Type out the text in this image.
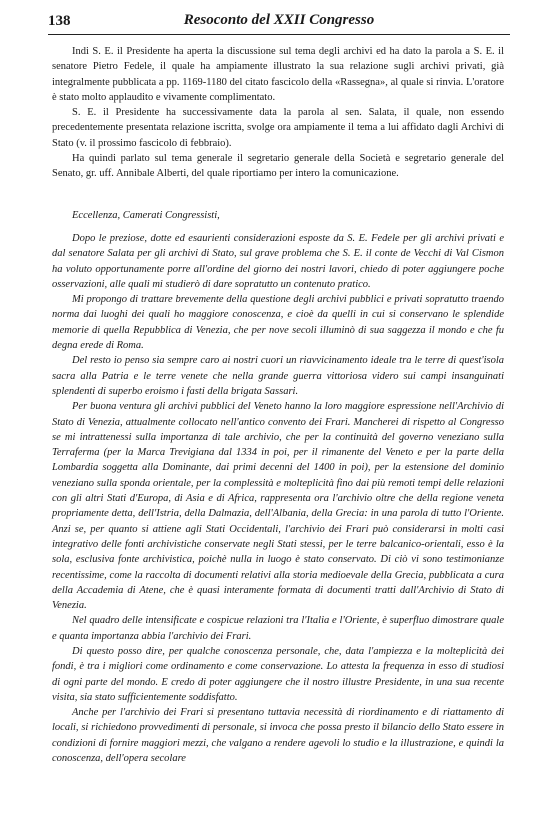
138	Resoconto del XXII Congresso

Indi S. E. il Presidente ha aperta la discussione sul tema degli archivi ed ha dato la parola a S. E. il senatore Pietro Fedele, il quale ha ampiamente illustrato la sua relazione sugli archivi privati, già integralmente pubblicata a pp. 1169-1180 del citato fascicolo della «Rassegna», al quale si rinvia. L'oratore è stato molto applaudito e vivamente complimentato.

S. E. il Presidente ha successivamente data la parola al sen. Salata, il quale, non essendo precedentemente presentata relazione iscritta, svolge ora ampiamente il tema a lui affidato dagli Archivi di Stato (v. il prossimo fascicolo di febbraio).

Ha quindi parlato sul tema generale il segretario generale della Società e segretario generale del Senato, gr. uff. Annibale Alberti, del quale riportiamo per intero la comunicazione.

Eccellenza, Camerati Congressisti,

Dopo le preziose, dotte ed esaurienti considerazioni esposte da S. E. Fedele per gli archivi privati e dal senatore Salata per gli archivi di Stato, sul grave problema che S. E. il conte de Vecchi di Val Cismon ha voluto opportunamente porre all'ordine del giorno dei nostri lavori, chiedo di poter aggiungere poche osservazioni, alle quali mi studierò di dare sopratutto un contenuto pratico.

Mi propongo di trattare brevemente della questione degli archivi pubblici e privati sopratutto traendo norma dai luoghi dei quali ho maggiore conoscenza, e cioè da quelli in cui si conservano le splendide memorie di quella Repubblica di Venezia, che per nove secoli illuminò di sua saggezza il mondo e che fu degna erede di Roma.

Del resto io penso sia sempre caro ai nostri cuori un riavvicinamento ideale tra le terre di quest'isola sacra alla Patria e le terre venete che nella grande guerra vittoriosa videro sui campi insanguinati splendenti di superbo eroismo i fasti della brigata Sassari.

Per buona ventura gli archivi pubblici del Veneto hanno la loro maggiore espressione nell'Archivio di Stato di Venezia, attualmente collocato nell'antico convento dei Frari. Mancherei di rispetto al Congresso se mi intrattenessi sulla importanza di tale archivio, che per la continuità del governo veneziano sulla Terraferma (per la Marca Trevigiana dal 1334 in poi, per il rimanente del Veneto e per la parte della Lombardia soggetta alla Dominante, dai primi decenni del 1400 in poi), per la estensione del dominio veneziano sulla sponda orientale, per la complessità e molteplicità fino dai più remoti tempi delle relazioni con gli altri Stati d'Europa, di Asia e di Africa, rappresenta ora l'archivio oltre che della regione veneta propriamente detta, dell'Istria, della Dalmazia, dell'Albania, della Grecia: in una parola di tutto l'Oriente. Anzi se, per quanto si attiene agli Stati Occidentali, l'archivio dei Frari può considerarsi in molti casi integrativo delle fonti archivistiche conservate negli Stati stessi, per le terre balcanico-orientali, esso è la sola, esclusiva fonte archivistica, poichè nulla in luogo è stato conservato. Di ciò vi sono testimonianze recentissime, come la raccolta di documenti relativi alla storia medioevale della Grecia, pubblicata a cura della Accademia di Atene, che è quasi interamente formata di documenti tratti dall'Archivio di Stato di Venezia.

Nel quadro delle intensificate e cospicue relazioni tra l'Italia e l'Oriente, è superfluo dimostrare quale e quanta importanza abbia l'archivio dei Frari.

Di questo posso dire, per qualche conoscenza personale, che, data l'ampiezza e la molteplicità dei fondi, è tra i migliori come ordinamento e come conservazione. Lo attesta la frequenza in esso di studiosi di ogni parte del mondo. E credo di poter aggiungere che il nostro illustre Presidente, in una sua recente visita, sia stato sufficientemente soddisfatto.

Anche per l'archivio dei Frari si presentano tuttavia necessità di riordinamento e di riattamento di locali, si richiedono provvedimenti di personale, si invoca che possa presto il bilancio dello Stato essere in condizioni di fornire maggiori mezzi, che valgano a rendere agevoli lo studio e la illustrazione, e quindi la conoscenza, dell'opera secolare
